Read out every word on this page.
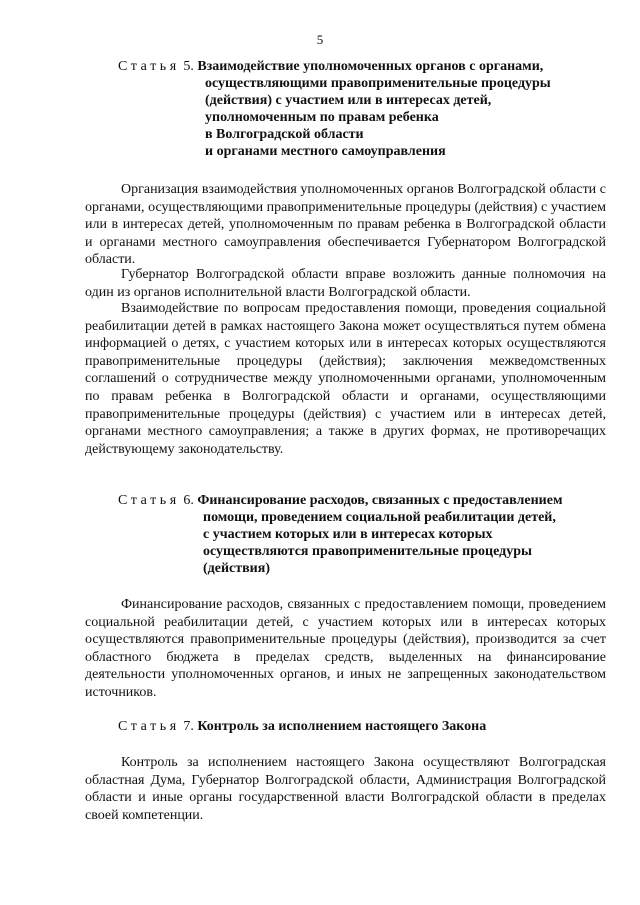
5
Статья 5. Взаимодействие уполномоченных органов с органами,
осуществляющими правоприменительные процедуры
(действия) с участием или в интересах детей,
уполномоченным по правам ребенка
в Волгоградской области
и органами местного самоуправления
Организация взаимодействия уполномоченных органов Волгоградской области с органами, осуществляющими правоприменительные процедуры (действия) с участием или в интересах детей, уполномоченным по правам ребенка в Волгоградской области и органами местного самоуправления обеспечивается Губернатором Волгоградской области.
Губернатор Волгоградской области вправе возложить данные полномочия на один из органов исполнительной власти Волгоградской области.
Взаимодействие по вопросам предоставления помощи, проведения социальной реабилитации детей в рамках настоящего Закона может осуществляться путем обмена информацией о детях, с участием которых или в интересах которых осуществляются правоприменительные процедуры (действия); заключения межведомственных соглашений о сотрудничестве между уполномоченными органами, уполномоченным по правам ребенка в Волгоградской области и органами, осуществляющими правоприменительные процедуры (действия) с участием или в интересах детей, органами местного самоуправления; а также в других формах, не противоречащих действующему законодательству.
Статья 6. Финансирование расходов, связанных с предоставлением
помощи, проведением социальной реабилитации детей,
с участием которых или в интересах которых
осуществляются правоприменительные процедуры
(действия)
Финансирование расходов, связанных с предоставлением помощи, проведением социальной реабилитации детей, с участием которых или в интересах которых осуществляются правоприменительные процедуры (действия), производится за счет областного бюджета в пределах средств, выделенных на финансирование деятельности уполномоченных органов, и иных не запрещенных законодательством источников.
Статья 7. Контроль за исполнением настоящего Закона
Контроль за исполнением настоящего Закона осуществляют Волгоградская областная Дума, Губернатор Волгоградской области, Администрация Волгоградской области и иные органы государственной власти Волгоградской области в пределах своей компетенции.
